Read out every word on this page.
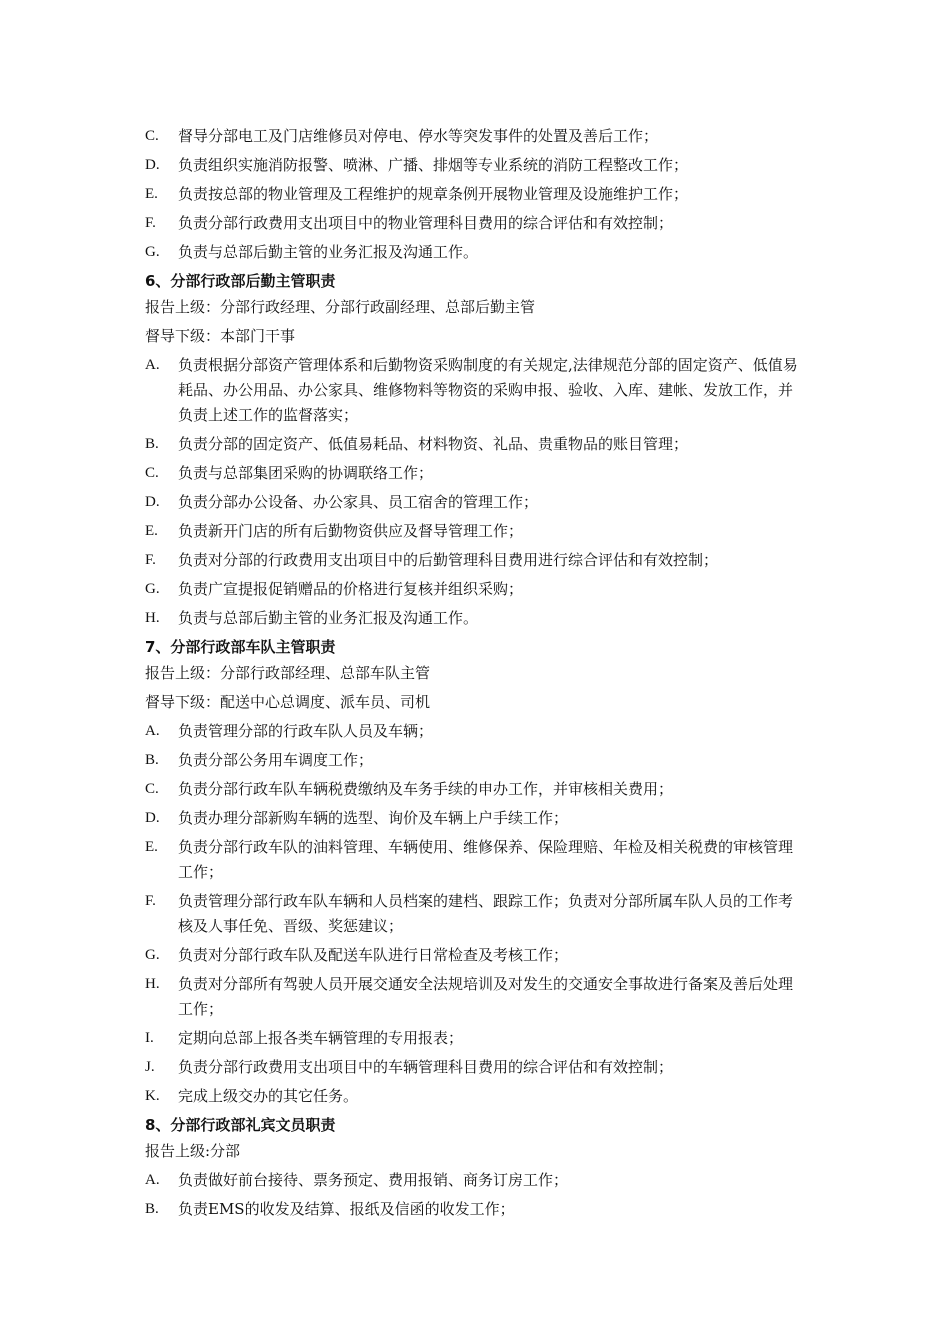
C.	督导分部电工及门店维修员对停电、停水等突发事件的处置及善后工作；
D.	负责组织实施消防报警、喷淋、广播、排烟等专业系统的消防工程整改工作；
E.	负责按总部的物业管理及工程维护的规章条例开展物业管理及设施维护工作；
F.	负责分部行政费用支出项目中的物业管理科目费用的综合评估和有效控制；
G.	负责与总部后勤主管的业务汇报及沟通工作。
6、分部行政部后勤主管职责
报告上级：分部行政经理、分部行政副经理、总部后勤主管
督导下级：本部门干事
A.	负责根据分部资产管理体系和后勤物资采购制度的有关规定,法律规范分部的固定资产、低值易耗品、办公用品、办公家具、维修物料等物资的采购申报、验收、入库、建帐、发放工作，并负责上述工作的监督落实；
B.	负责分部的固定资产、低值易耗品、材料物资、礼品、贵重物品的账目管理；
C.	负责与总部集团采购的协调联络工作；
D.	负责分部办公设备、办公家具、员工宿舍的管理工作；
E.	负责新开门店的所有后勤物资供应及督导管理工作；
F.	负责对分部的行政费用支出项目中的后勤管理科目费用进行综合评估和有效控制；
G.	负责广宣提报促销赠品的价格进行复核并组织采购；
H.	负责与总部后勤主管的业务汇报及沟通工作。
7、分部行政部车队主管职责
报告上级：分部行政部经理、总部车队主管
督导下级：配送中心总调度、派车员、司机
A.	负责管理分部的行政车队人员及车辆；
B.	负责分部公务用车调度工作；
C.	负责分部行政车队车辆税费缴纳及车务手续的申办工作，并审核相关费用；
D.	负责办理分部新购车辆的选型、询价及车辆上户手续工作；
E.	负责分部行政车队的油料管理、车辆使用、维修保养、保险理赔、年检及相关税费的审核管理工作；
F.	负责管理分部行政车队车辆和人员档案的建档、跟踪工作；负责对分部所属车队人员的工作考核及人事任免、晋级、奖惩建议；
G.	负责对分部行政车队及配送车队进行日常检查及考核工作；
H.	负责对分部所有驾驶人员开展交通安全法规培训及对发生的交通安全事故进行备案及善后处理工作；
I.	定期向总部上报各类车辆管理的专用报表；
J.	负责分部行政费用支出项目中的车辆管理科目费用的综合评估和有效控制；
K.	完成上级交办的其它任务。
8、分部行政部礼宾文员职责
报告上级:分部
A.	负责做好前台接待、票务预定、费用报销、商务订房工作；
B.	负责EMS的收发及结算、报纸及信函的收发工作；
